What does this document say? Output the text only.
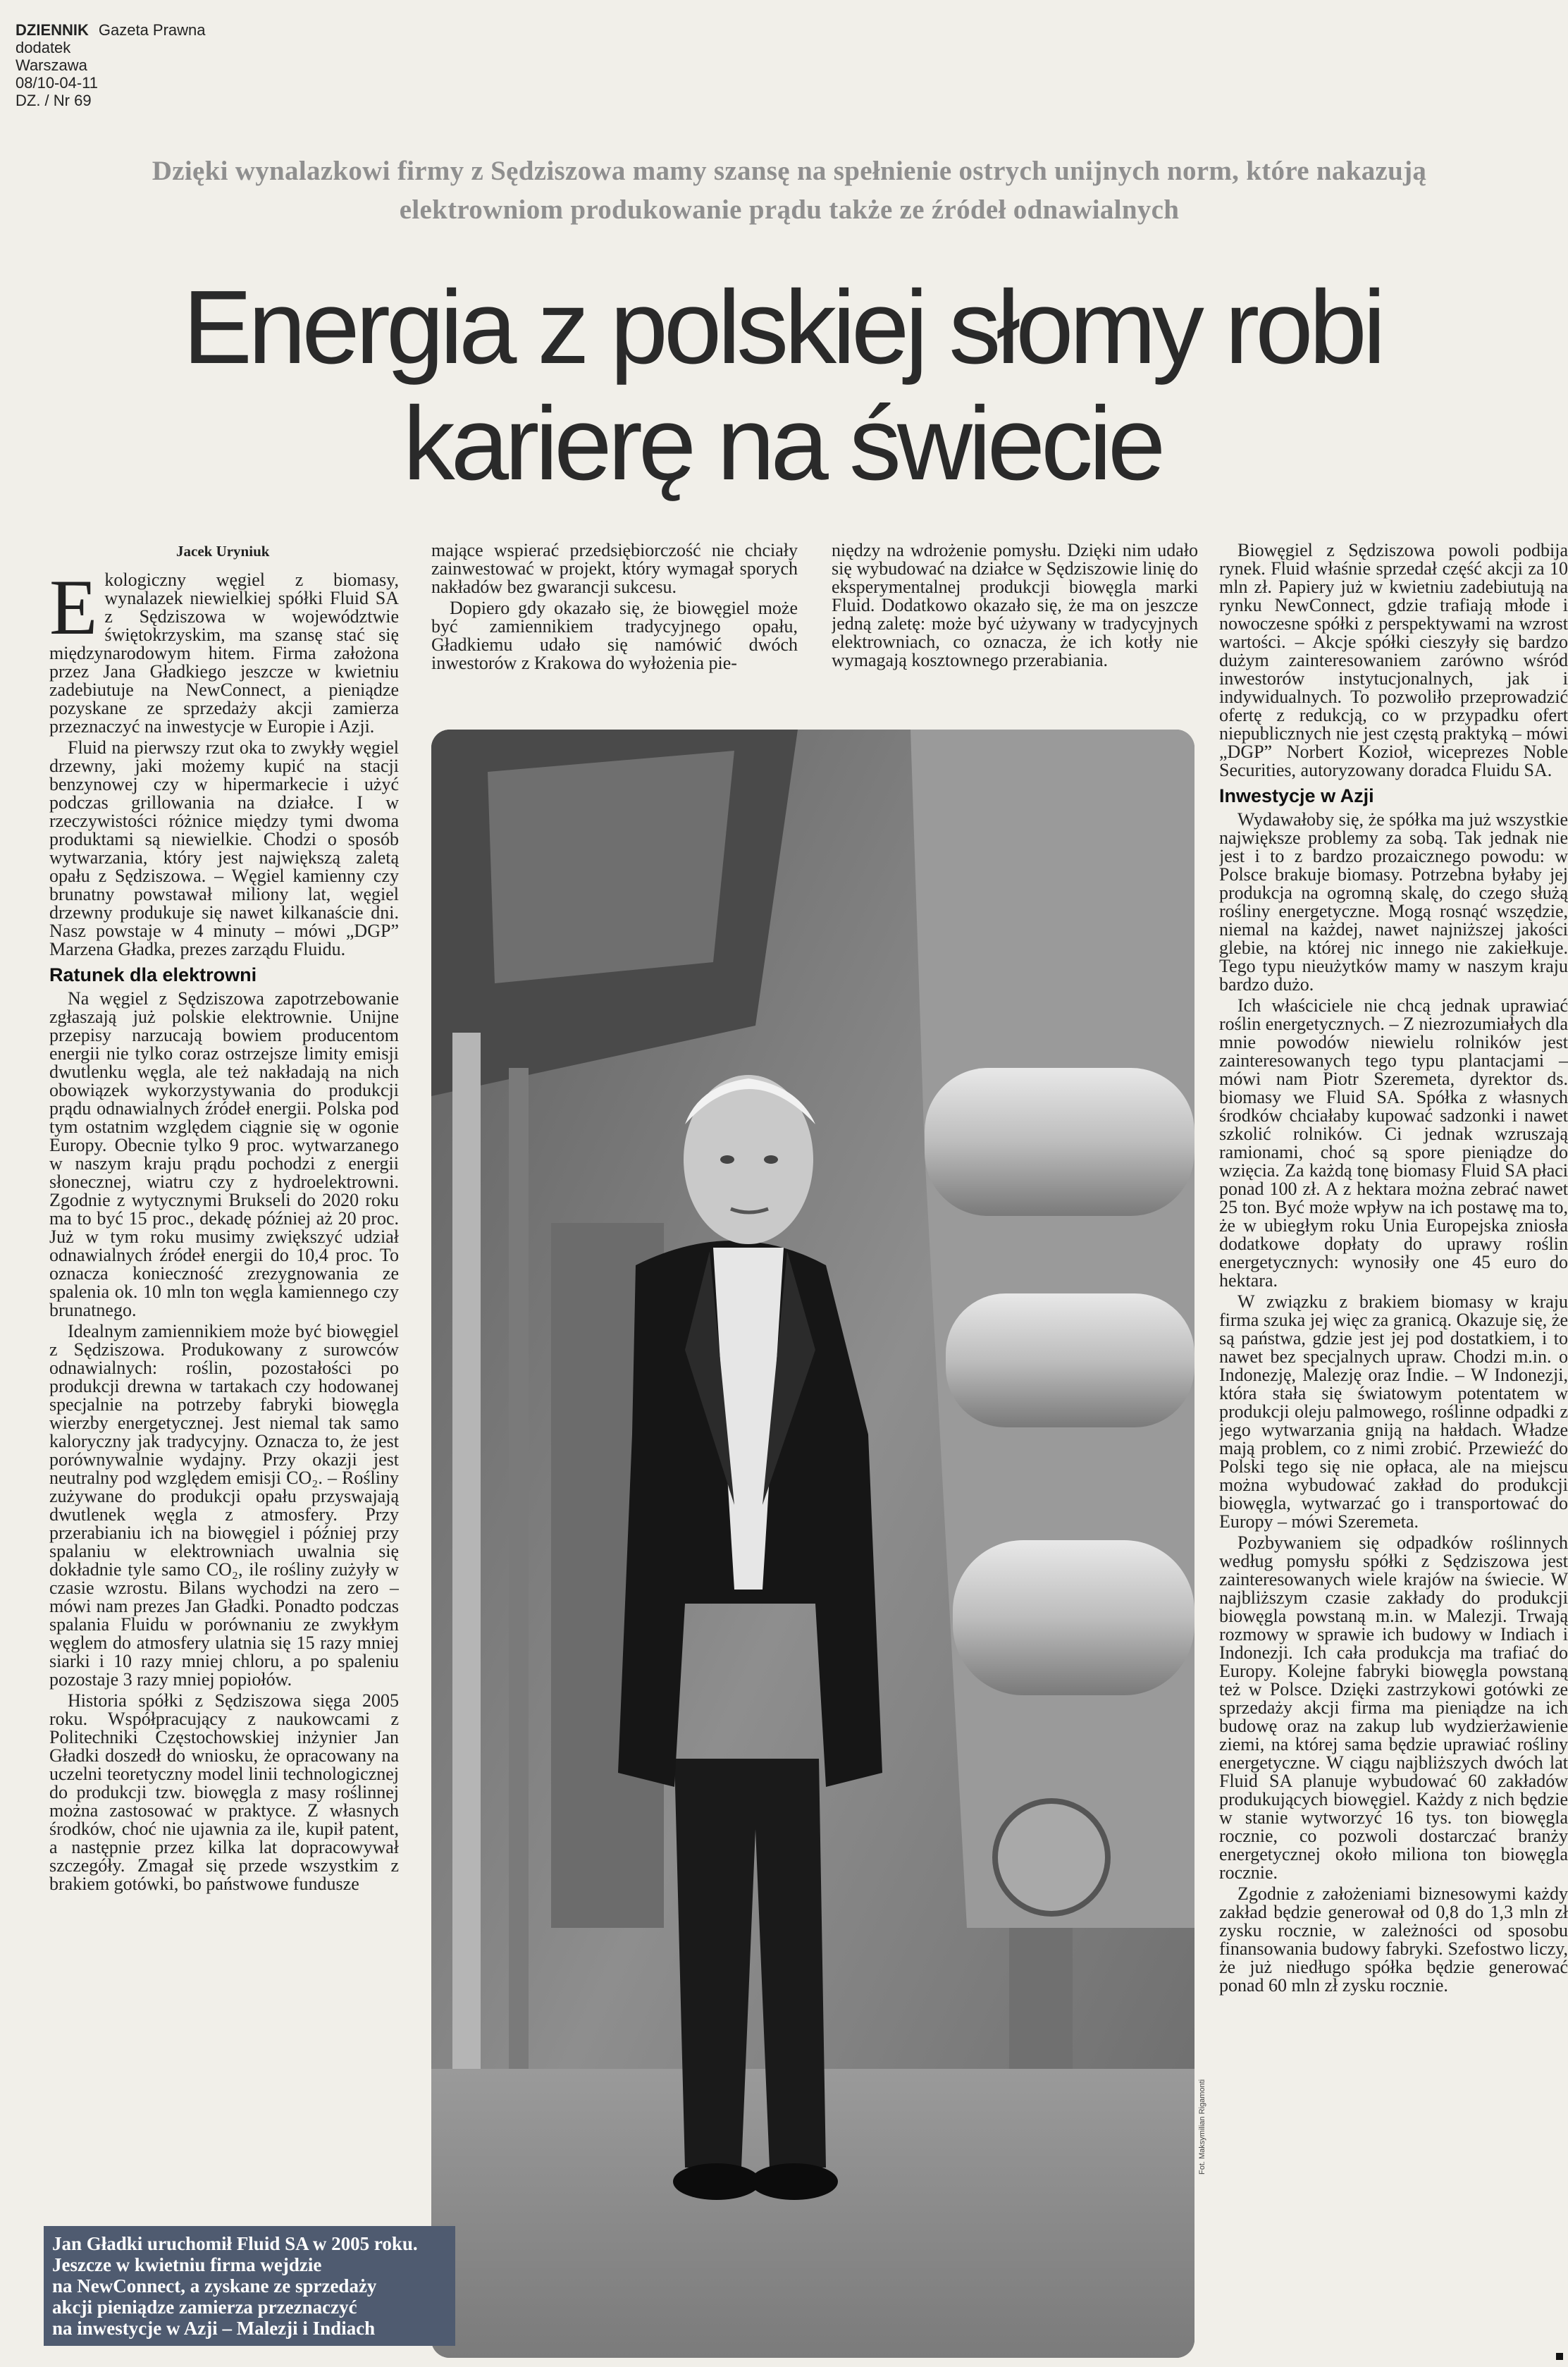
DZIENNIK Gazeta Prawna
dodatek
Warszawa
08/10-04-11
DZ. / Nr 69
Dzięki wynalazkowi firmy z Sędziszowa mamy szansę na spełnienie ostrych unijnych norm, które nakazują
elektrowniom produkowanie prądu także ze źródeł odnawialnych
Energia z polskiej słomy robi
karierę na świecie
Jacek Uryniuk

Ekologiczny węgiel z biomasy, wynalazek niewielkiej spółki Fluid SA z Sędziszowa w województwie świętokrzyskim, ma szansę stać się międzynarodowym hitem. Firma założona przez Jana Gładkiego jeszcze w kwietniu zadebiutuje na NewConnect, a pieniądze pozyskane ze sprzedaży akcji zamierza przeznaczyć na inwestycje w Europie i Azji.

Fluid na pierwszy rzut oka to zwykły węgiel drzewny, jaki możemy kupić na stacji benzynowej czy w hipermarkecie i użyć podczas grillowania na działce. I w rzeczywistości różnice między tymi dwoma produktami są niewielkie. Chodzi o sposób wytwarzania, który jest największą zaletą opału z Sędziszowa. – Węgiel kamienny czy brunatny powstawał miliony lat, węgiel drzewny produkuje się nawet kilkanaście dni. Nasz powstaje w 4 minuty – mówi „DGP” Marzena Gładka, prezes zarządu Fluidu.

Ratunek dla elektrowni

Na węgiel z Sędziszowa zapotrzebowanie zgłaszają już polskie elektrownie. Unijne przepisy narzucają bowiem producentom energii nie tylko coraz ostrzejsze limity emisji dwutlenku węgla, ale też nakładają na nich obowiązek wykorzystywania do produkcji prądu odnawialnych źródeł energii. Polska pod tym ostatnim względem ciągnie się w ogonie Europy. Obecnie tylko 9 proc. wytwarzanego w naszym kraju prądu pochodzi z energii słonecznej, wiatru czy z hydroelektrowni. Zgodnie z wytycznymi Brukseli do 2020 roku ma to być 15 proc., dekadę później aż 20 proc. Już w tym roku musimy zwiększyć udział odnawialnych źródeł energii do 10,4 proc. To oznacza konieczność zrezygnowania ze spalenia ok. 10 mln ton węgla kamiennego czy brunatnego.

Idealnym zamiennikiem może być biowęgiel z Sędziszowa. Produkowany z surowców odnawialnych: roślin, pozostałości po produkcji drewna w tartakach czy hodowanej specjalnie na potrzeby fabryki biowęgla wierzby energetycznej. Jest niemal tak samo kaloryczny jak tradycyjny. Oznacza to, że jest porównywalnie wydajny. Przy okazji jest neutralny pod względem emisji CO₂. – Rośliny zużywane do produkcji opału przyswajają dwutlenek węgla z atmosfery. Przy przerabianiu ich na biowęgiel i później przy spalaniu w elektrowniach uwalnia się dokładnie tyle samo CO₂, ile rośliny zużyły w czasie wzrostu. Bilans wychodzi na zero – mówi nam prezes Jan Gładki. Ponadto podczas spalania Fluidu w porównaniu ze zwykłym węglem do atmosfery ulatnia się 15 razy mniej siarki i 10 razy mniej chloru, a po spaleniu pozostaje 3 razy mniej popiołów.

Historia spółki z Sędziszowa sięga 2005 roku. Współpracujący z naukowcami z Politechniki Częstochowskiej inżynier Jan Gładki doszedł do wniosku, że opracowany na uczelni teoretyczny model linii technologicznej do produkcji tzw. biowęgla z masy roślinnej można zastosować w praktyce. Z własnych środków, choć nie ujawnia za ile, kupił patent, a następnie przez kilka lat dopracowywał szczegóły. Zmagał się przede wszystkim z brakiem gotówki, bo państwowe fundusze

mające wspierać przedsiębiorczość nie chciały zainwestować w projekt, który wymagał sporych nakładów bez gwarancji sukcesu.

Dopiero gdy okazało się, że biowęgiel może być zamiennikiem tradycyjnego opału, Gładkiemu udało się namówić dwóch inwestorów z Krakowa do wyłożenia pie-

niędzy na wdrożenie pomysłu. Dzięki nim udało się wybudować na działce w Sędziszowie linię do eksperymentalnej produkcji biowęgla marki Fluid. Dodatkowo okazało się, że ma on jeszcze jedną zaletę: może być używany w tradycyjnych elektrowniach, co oznacza, że ich kotły nie wymagają kosztownego przerabiania.

Biowęgiel z Sędziszowa powoli podbija rynek. Fluid właśnie sprzedał część akcji za 10 mln zł. Papiery już w kwietniu zadebiutują na rynku NewConnect, gdzie trafiają młode i nowoczesne spółki z perspektywami na wzrost wartości. – Akcje spółki cieszyły się bardzo dużym zainteresowaniem zarówno wśród inwestorów instytucjonalnych, jak i indywidualnych. To pozwoliło przeprowadzić ofertę z redukcją, co w przypadku ofert niepublicznych nie jest częstą praktyką – mówi „DGP” Norbert Kozioł, wiceprezes Noble Securities, autoryzowany doradca Fluidu SA.

Inwestycje w Azji

Wydawałoby się, że spółka ma już wszystkie największe problemy za sobą. Tak jednak nie jest i to z bardzo prozaicznego powodu: w Polsce brakuje biomasy. Potrzebna byłaby jej produkcja na ogromną skalę, do czego służą rośliny energetyczne. Mogą rosnąć wszędzie, niemal na każdej, nawet najniższej jakości glebie, na której nic innego nie zakiełkuje. Tego typu nieużytków mamy w naszym kraju bardzo dużo.

Ich właściciele nie chcą jednak uprawiać roślin energetycznych. – Z niezrozumiałych dla mnie powodów niewielu rolników jest zainteresowanych tego typu plantacjami – mówi nam Piotr Szeremeta, dyrektor ds. biomasy we Fluid SA. Spółka z własnych środków chciałaby kupować sadzonki i nawet szkolić rolników. Ci jednak wzruszają ramionami, choć są spore pieniądze do wzięcia. Za każdą tonę biomasy Fluid SA płaci ponad 100 zł. A z hektara można zebrać nawet 25 ton. Być może wpływ na ich postawę ma to, że w ubiegłym roku Unia Europejska zniosła dodatkowe dopłaty do uprawy roślin energetycznych: wynosiły one 45 euro do hektara.

W związku z brakiem biomasy w kraju firma szuka jej więc za granicą. Okazuje się, że są państwa, gdzie jest jej pod dostatkiem, i to nawet bez specjalnych upraw. Chodzi m.in. o Indonezję, Malezję oraz Indie. – W Indonezji, która stała się światowym potentatem w produkcji oleju palmowego, roślinne odpadki z jego wytwarzania gniją na hałdach. Władze mają problem, co z nimi zrobić. Przewieźć do Polski tego się nie opłaca, ale na miejscu można wybudować zakład do produkcji biowęgla, wytwarzać go i transportować do Europy – mówi Szeremeta.

Pozbywaniem się odpadków roślinnych według pomysłu spółki z Sędziszowa jest zainteresowanych wiele krajów na świecie. W najbliższym czasie zakłady do produkcji biowęgla powstaną m.in. w Malezji. Trwają rozmowy w sprawie ich budowy w Indiach i Indonezji. Ich cała produkcja ma trafiać do Europy. Kolejne fabryki biowęgla powstaną też w Polsce. Dzięki zastrzykowi gotówki ze sprzedaży akcji firma ma pieniądze na ich budowę oraz na zakup lub wydzierżawienie ziemi, na której sama będzie uprawiać rośliny energetyczne. W ciągu najbliższych dwóch lat Fluid SA planuje wybudować 60 zakładów produkujących biowęgiel. Każdy z nich będzie w stanie wytworzyć 16 tys. ton biowęgla rocznie, co pozwoli dostarczać branży energetycznej około miliona ton biowęgla rocznie.

Zgodnie z założeniami biznesowymi każdy zakład będzie generował od 0,8 do 1,3 mln zł zysku rocznie, w zależności od sposobu finansowania budowy fabryki. Szefostwo liczy, że już niedługo spółka będzie generować ponad 60 mln zł zysku rocznie.

Jan Gładki uruchomił Fluid SA w 2005 roku.
Jeszcze w kwietniu firma wejdzie
na NewConnect, a zyskane ze sprzedaży
akcji pieniądze zamierza przeznaczyć
na inwestycje w Azji – Malezji i Indiach
Fot. Maksymilian Rigamonti
